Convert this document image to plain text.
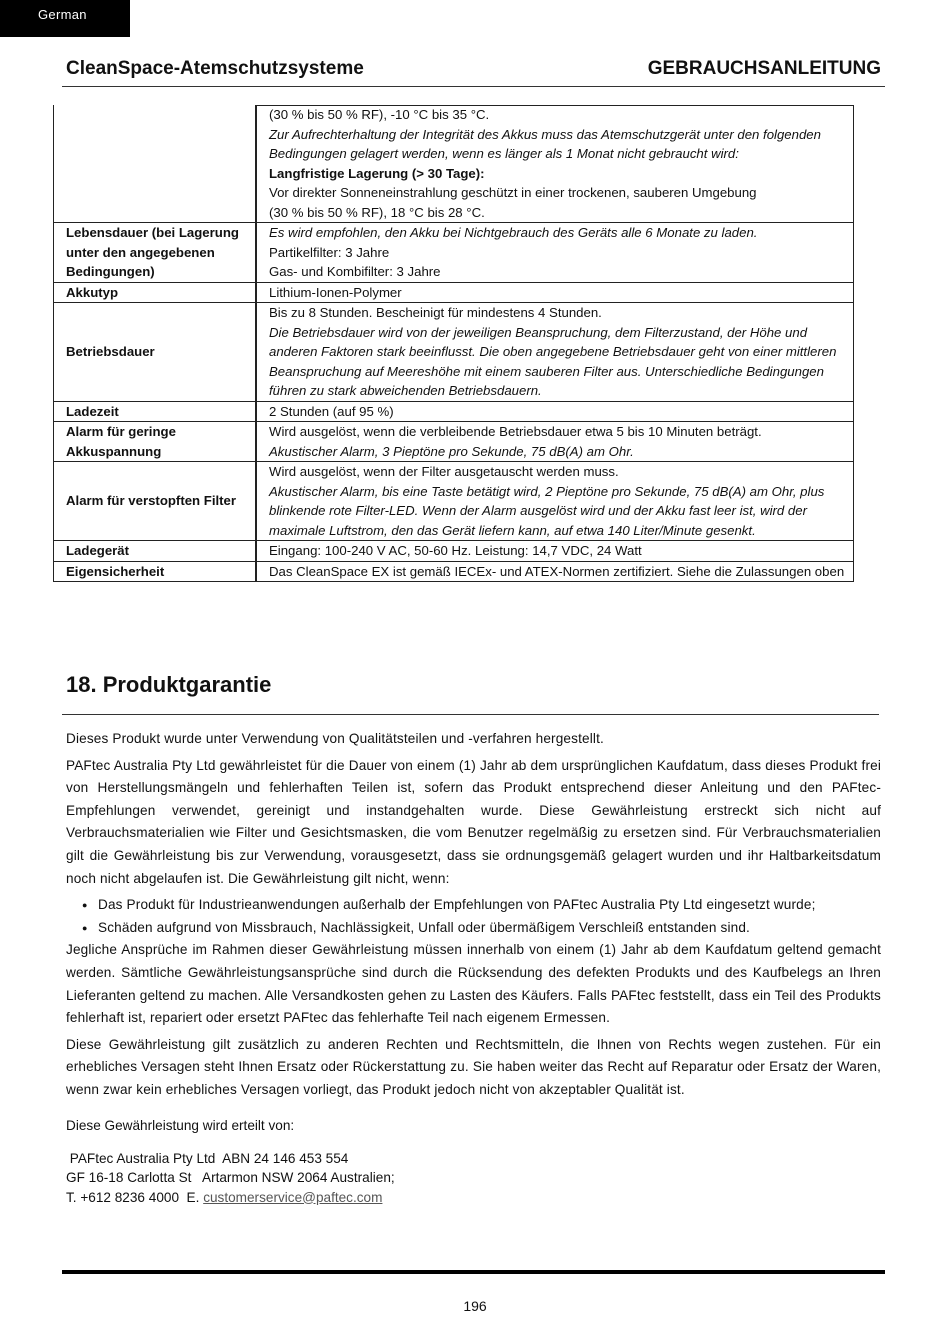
German
CleanSpace-Atemschutzsysteme	GEBRAUCHSANLEITUNG

	(30 % bis 50 % RF), -10 °C bis 35 °C.
Zur Aufrechterhaltung der Integrität des Akkus muss das Atemschutzgerät unter den folgenden Bedingungen gelagert werden, wenn es länger als 1 Monat nicht gebraucht wird:
Langfristige Lagerung (> 30 Tage):
Vor direkter Sonneneinstrahlung geschützt in einer trockenen, sauberen Umgebung
(30 % bis 50 % RF), 18 °C bis 28 °C.

Lebensdauer (bei Lagerung unter den angegebenen Bedingungen)	Es wird empfohlen, den Akku bei Nichtgebrauch des Geräts alle 6 Monate zu laden.
Partikelfilter: 3 Jahre
Gas- und Kombifilter: 3 Jahre

Akkutyp	Lithium-Ionen-Polymer

Betriebsdauer	Bis zu 8 Stunden. Bescheinigt für mindestens 4 Stunden.
Die Betriebsdauer wird von der jeweiligen Beanspruchung, dem Filterzustand, der Höhe und anderen Faktoren stark beeinflusst. Die oben angegebene Betriebsdauer geht von einer mittleren Beanspruchung auf Meereshöhe mit einem sauberen Filter aus. Unterschiedliche Bedingungen führen zu stark abweichenden Betriebsdauern.

Ladezeit	2 Stunden (auf 95 %)

Alarm für geringe Akkuspannung	Wird ausgelöst, wenn die verbleibende Betriebsdauer etwa 5 bis 10 Minuten beträgt.
Akustischer Alarm, 3 Pieptöne pro Sekunde, 75 dB(A) am Ohr.

Alarm für verstopften Filter	Wird ausgelöst, wenn der Filter ausgetauscht werden muss.
Akustischer Alarm, bis eine Taste betätigt wird, 2 Pieptöne pro Sekunde, 75 dB(A) am Ohr, plus blinkende rote Filter-LED. Wenn der Alarm ausgelöst wird und der Akku fast leer ist, wird der maximale Luftstrom, den das Gerät liefern kann, auf etwa 140 Liter/Minute gesenkt.

Ladegerät	Eingang: 100-240 V AC, 50-60 Hz. Leistung: 14,7 VDC, 24 Watt

Eigensicherheit	Das CleanSpace EX ist gemäß IECEx- und ATEX-Normen zertifiziert. Siehe die Zulassungen oben
18. Produktgarantie

Dieses Produkt wurde unter Verwendung von Qualitätsteilen und -verfahren hergestellt.

PAFtec Australia Pty Ltd gewährleistet für die Dauer von einem (1) Jahr ab dem ursprünglichen Kaufdatum, dass dieses Produkt frei von Herstellungsmängeln und fehlerhaften Teilen ist, sofern das Produkt entsprechend dieser Anleitung und den PAFtec-Empfehlungen verwendet, gereinigt und instandgehalten wurde. Diese Gewährleistung erstreckt sich nicht auf Verbrauchsmaterialien wie Filter und Gesichtsmasken, die vom Benutzer regelmäßig zu ersetzen sind. Für Verbrauchsmaterialien gilt die Gewährleistung bis zur Verwendung, vorausgesetzt, dass sie ordnungsgemäß gelagert wurden und ihr Haltbarkeitsdatum noch nicht abgelaufen ist. Die Gewährleistung gilt nicht, wenn:

● Das Produkt für Industrieanwendungen außerhalb der Empfehlungen von PAFtec Australia Pty Ltd eingesetzt wurde;
● Schäden aufgrund von Missbrauch, Nachlässigkeit, Unfall oder übermäßigem Verschleiß entstanden sind.

Jegliche Ansprüche im Rahmen dieser Gewährleistung müssen innerhalb von einem (1) Jahr ab dem Kaufdatum geltend gemacht werden. Sämtliche Gewährleistungsansprüche sind durch die Rücksendung des defekten Produkts und des Kaufbelegs an Ihren Lieferanten geltend zu machen. Alle Versandkosten gehen zu Lasten des Käufers. Falls PAFtec feststellt, dass ein Teil des Produkts fehlerhaft ist, repariert oder ersetzt PAFtec das fehlerhafte Teil nach eigenem Ermessen.

Diese Gewährleistung gilt zusätzlich zu anderen Rechten und Rechtsmitteln, die Ihnen von Rechts wegen zustehen. Für ein erhebliches Versagen steht Ihnen Ersatz oder Rückerstattung zu. Sie haben weiter das Recht auf Reparatur oder Ersatz der Waren, wenn zwar kein erhebliches Versagen vorliegt, das Produkt jedoch nicht von akzeptabler Qualität ist.

Diese Gewährleistung wird erteilt von:
PAFtec Australia Pty Ltd  ABN 24 146 453 554
GF 16-18 Carlotta St   Artarmon NSW 2064 Australien;
T. +612 8236 4000  E. customerservice@paftec.com
196
